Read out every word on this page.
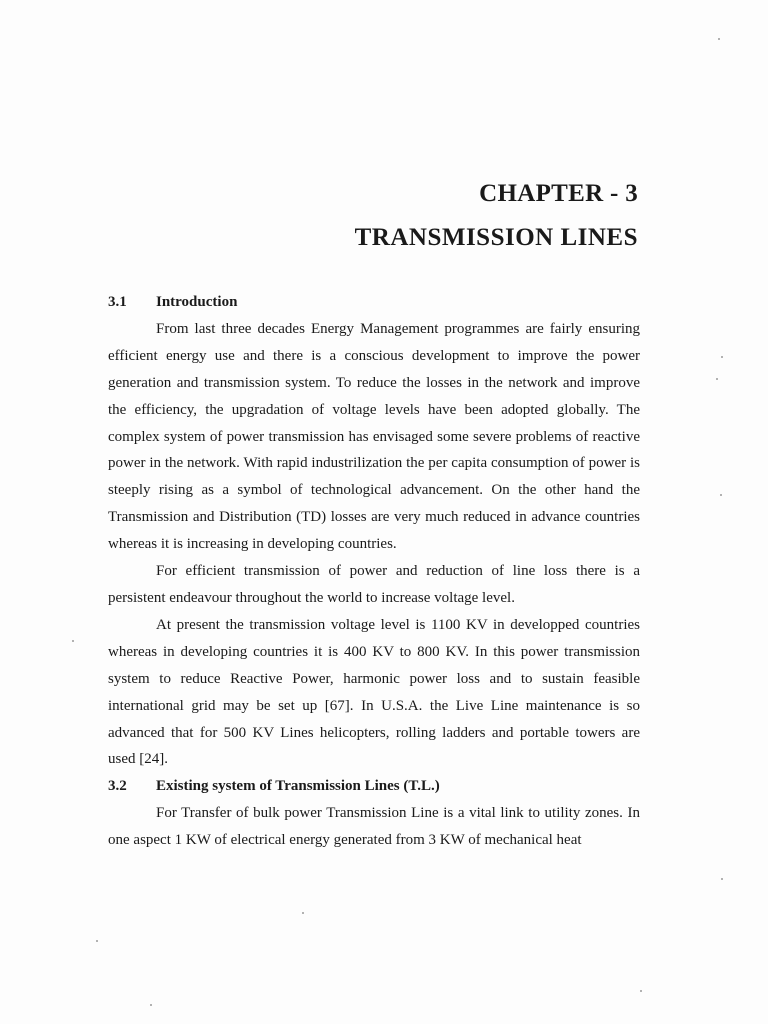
CHAPTER - 3
TRANSMISSION LINES
3.1	Introduction

From last three decades Energy Management programmes are fairly ensuring efficient energy use and there is a conscious development to improve the power generation and transmission system. To reduce the losses in the network and improve the efficiency, the upgradation of voltage levels have been adopted globally. The complex system of power transmission has envisaged some severe problems of reactive power in the network. With rapid industrilization the per capita consumption of power is steeply rising as a symbol of technological advancement. On the other hand the Transmission and Distribution (TD) losses are very much reduced in advance countries whereas it is increasing in developing countries.

For efficient transmission of power and reduction of line loss there is a persistent endeavour throughout the world to increase voltage level.

At present the transmission voltage level is 1100 KV in developped countries whereas in developing countries it is 400 KV to 800 KV. In this power transmission system to reduce Reactive Power, harmonic power loss and to sustain feasible international grid may be set up [67]. In U.S.A. the Live Line maintenance is so advanced that for 500 KV Lines helicopters, rolling ladders and portable towers are used [24].

3.2	Existing system of Transmission Lines (T.L.)

For Transfer of bulk power Transmission Line is a vital link to utility zones. In one aspect 1 KW of electrical energy generated from 3 KW of mechanical heat
